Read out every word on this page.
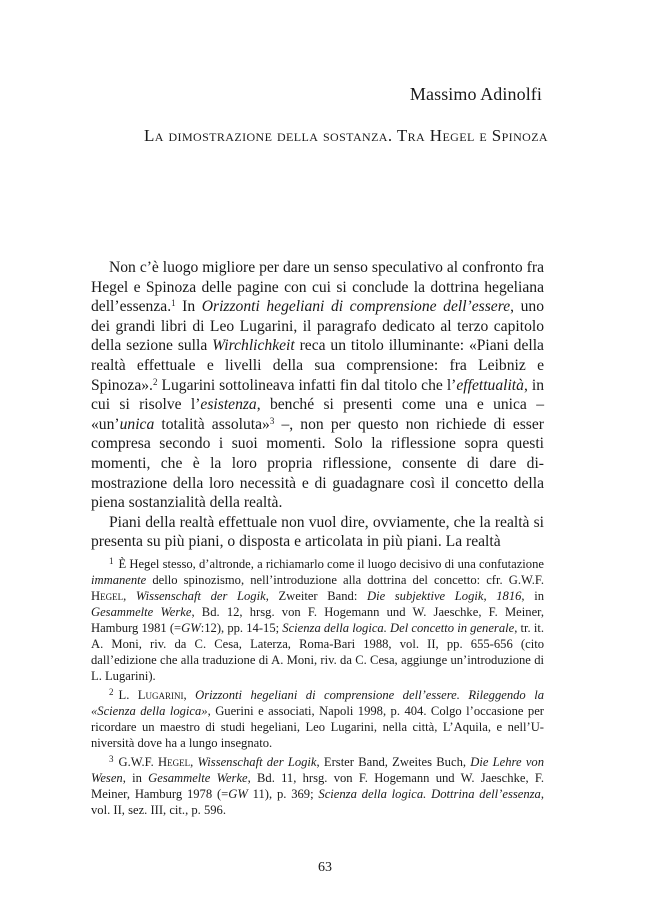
Massimo Adinolfi
La dimostrazione della sostanza. Tra Hegel e Spinoza

Non c’è luogo migliore per dare un senso speculativo al confronto fra Hegel e Spinoza delle pagine con cui si conclude la dottrina hegeliana dell’essenza.$^1$ In Orizzonti hegeliani di comprensione dell’essere, uno dei grandi libri di Leo Lugarini, il paragrafo dedicato al terzo capitolo della sezione sulla Wirchlichkeit reca un titolo illuminante: «Piani della realtà effettuale e livelli della sua comprensione: fra Leibniz e Spinoza».$^2$ Lugarini sottolineava infatti fin dal titolo che l’effettualità, in cui si risolve l’esistenza, benché si presenti come una e unica – «un’unica totalità assoluta»$^3$ –, non per questo non richiede di esser compresa secondo i suoi momenti. Solo la riflessione sopra questi momenti, che è la loro propria riflessione, consente di dare dimostrazione della loro necessità e di guadagnare così il concetto della piena sostanzialità della realtà.

Piani della realtà effettuale non vuol dire, ovviamente, che la realtà si presenta su più piani, o disposta e articolata in più piani. La realtà

$^1$ È Hegel stesso, d’altronde, a richiamarlo come il luogo decisivo di una confutazione immanente dello spinozismo, nell’introduzione alla dottrina del concetto: cfr. G.W.F. Hegel, Wissenschaft der Logik, Zweiter Band: Die subjektive Logik, 1816, in Gesammelte Werke, Bd. 12, hrsg. von F. Hogemann und W. Jaeschke, F. Meiner, Hamburg 1981 (=GW:12), pp. 14-15; Scienza della logica. Del concetto in generale, tr. it. A. Moni, riv. da C. Cesa, Laterza, Roma-Bari 1988, vol. II, pp. 655-656 (cito dall’edizione che alla traduzione di A. Moni, riv. da C. Cesa, aggiunge un’introduzione di L. Lugarini).

$^2$ L. Lugarini, Orizzonti hegeliani di comprensione dell’essere. Rileggendo la «Scienza della logica», Guerini e associati, Napoli 1998, p. 404. Colgo l’occasione per ricordare un maestro di studi hegeliani, Leo Lugarini, nella città, L’Aquila, e nell’Università dove ha a lungo insegnato.

$^3$ G.W.F. Hegel, Wissenschaft der Logik, Erster Band, Zweites Buch, Die Lehre von Wesen, in Gesammelte Werke, Bd. 11, hrsg. von F. Hogemann und W. Jaeschke, F. Meiner, Hamburg 1978 (=GW 11), p. 369; Scienza della logica. Dottrina dell’essenza, vol. II, sez. III, cit., p. 596.

63
